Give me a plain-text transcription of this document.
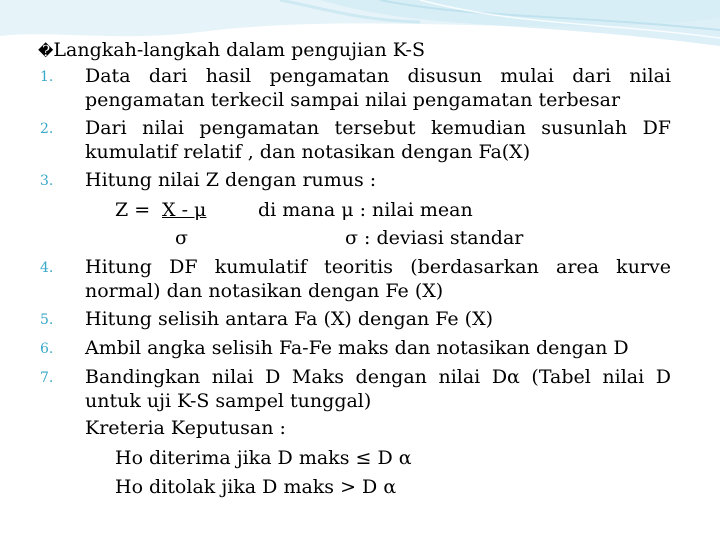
�Langkah-langkah dalam pengujian K-S
1. Data dari hasil pengamatan disusun mulai dari nilai
pengamatan terkecil sampai nilai pengamatan terbesar
2. Dari nilai pengamatan tersebut kemudian susunlah DF
kumulatif relatif , dan notasikan dengan Fa(X)
3. Hitung nilai Z dengan rumus :
Z = X - μ	di mana μ : nilai mean
σ	σ : deviasi standar
4. Hitung DF kumulatif teoritis (berdasarkan area kurve
normal) dan notasikan dengan Fe (X)
5. Hitung selisih antara Fa (X) dengan Fe (X)
6. Ambil angka selisih Fa-Fe maks dan notasikan dengan D
7. Bandingkan nilai D Maks dengan nilai Dα (Tabel nilai D
untuk uji K-S sampel tunggal)
Kreteria Keputusan :
Ho diterima jika D maks ≤ D α
Ho ditolak jika D maks > D α
